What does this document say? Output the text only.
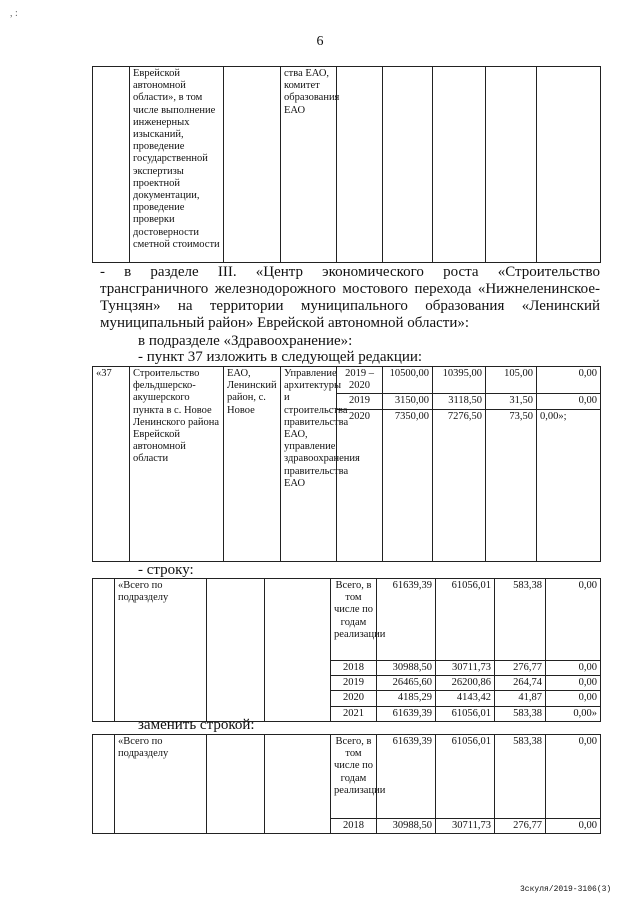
, :
6
	Еврейской автономной области», в том числе выполнение инженерных изысканий, проведение государственной экспертизы проектной документации, проведение проверки достоверности сметной стоимости		ства ЕАО, комитет образования ЕАО					
- в разделе III. «Центр экономического роста «Строительство
трансграничного железнодорожного мостового перехода «Нижнеленинское-
Тунцзян» на территории муниципального образования «Ленинский
муниципальный район» Еврейской автономной области»:
в подразделе «Здравоохранение»:
- пункт 37 изложить в следующей редакции:
«37	Строительство фельдшерско-акушерского пункта в с. Новое Ленинского района Еврейской автономной области	ЕАО, Ленинский район, с. Новое	Управление архитектуры и строительства правительства ЕАО, управление здравоохранения правительства ЕАО	2019 – 2020	10500,00	10395,00	105,00	0,00
				2019	3150,00	3118,50	31,50	0,00
				2020	7350,00	7276,50	73,50	0,00»;
- строку:
	«Всего по подразделу			Всего, в том числе по годам реализации	61639,39	61056,01	583,38	0,00
				2018	30988,50	30711,73	276,77	0,00
				2019	26465,60	26200,86	264,74	0,00
				2020	4185,29	4143,42	41,87	0,00
				2021	61639,39	61056,01	583,38	0,00»
заменить строкой:
	«Всего по подразделу			Всего, в том числе по годам реализации	61639,39	61056,01	583,38	0,00
				2018	30988,50	30711,73	276,77	0,00
3скуля/2019-3106(3)
